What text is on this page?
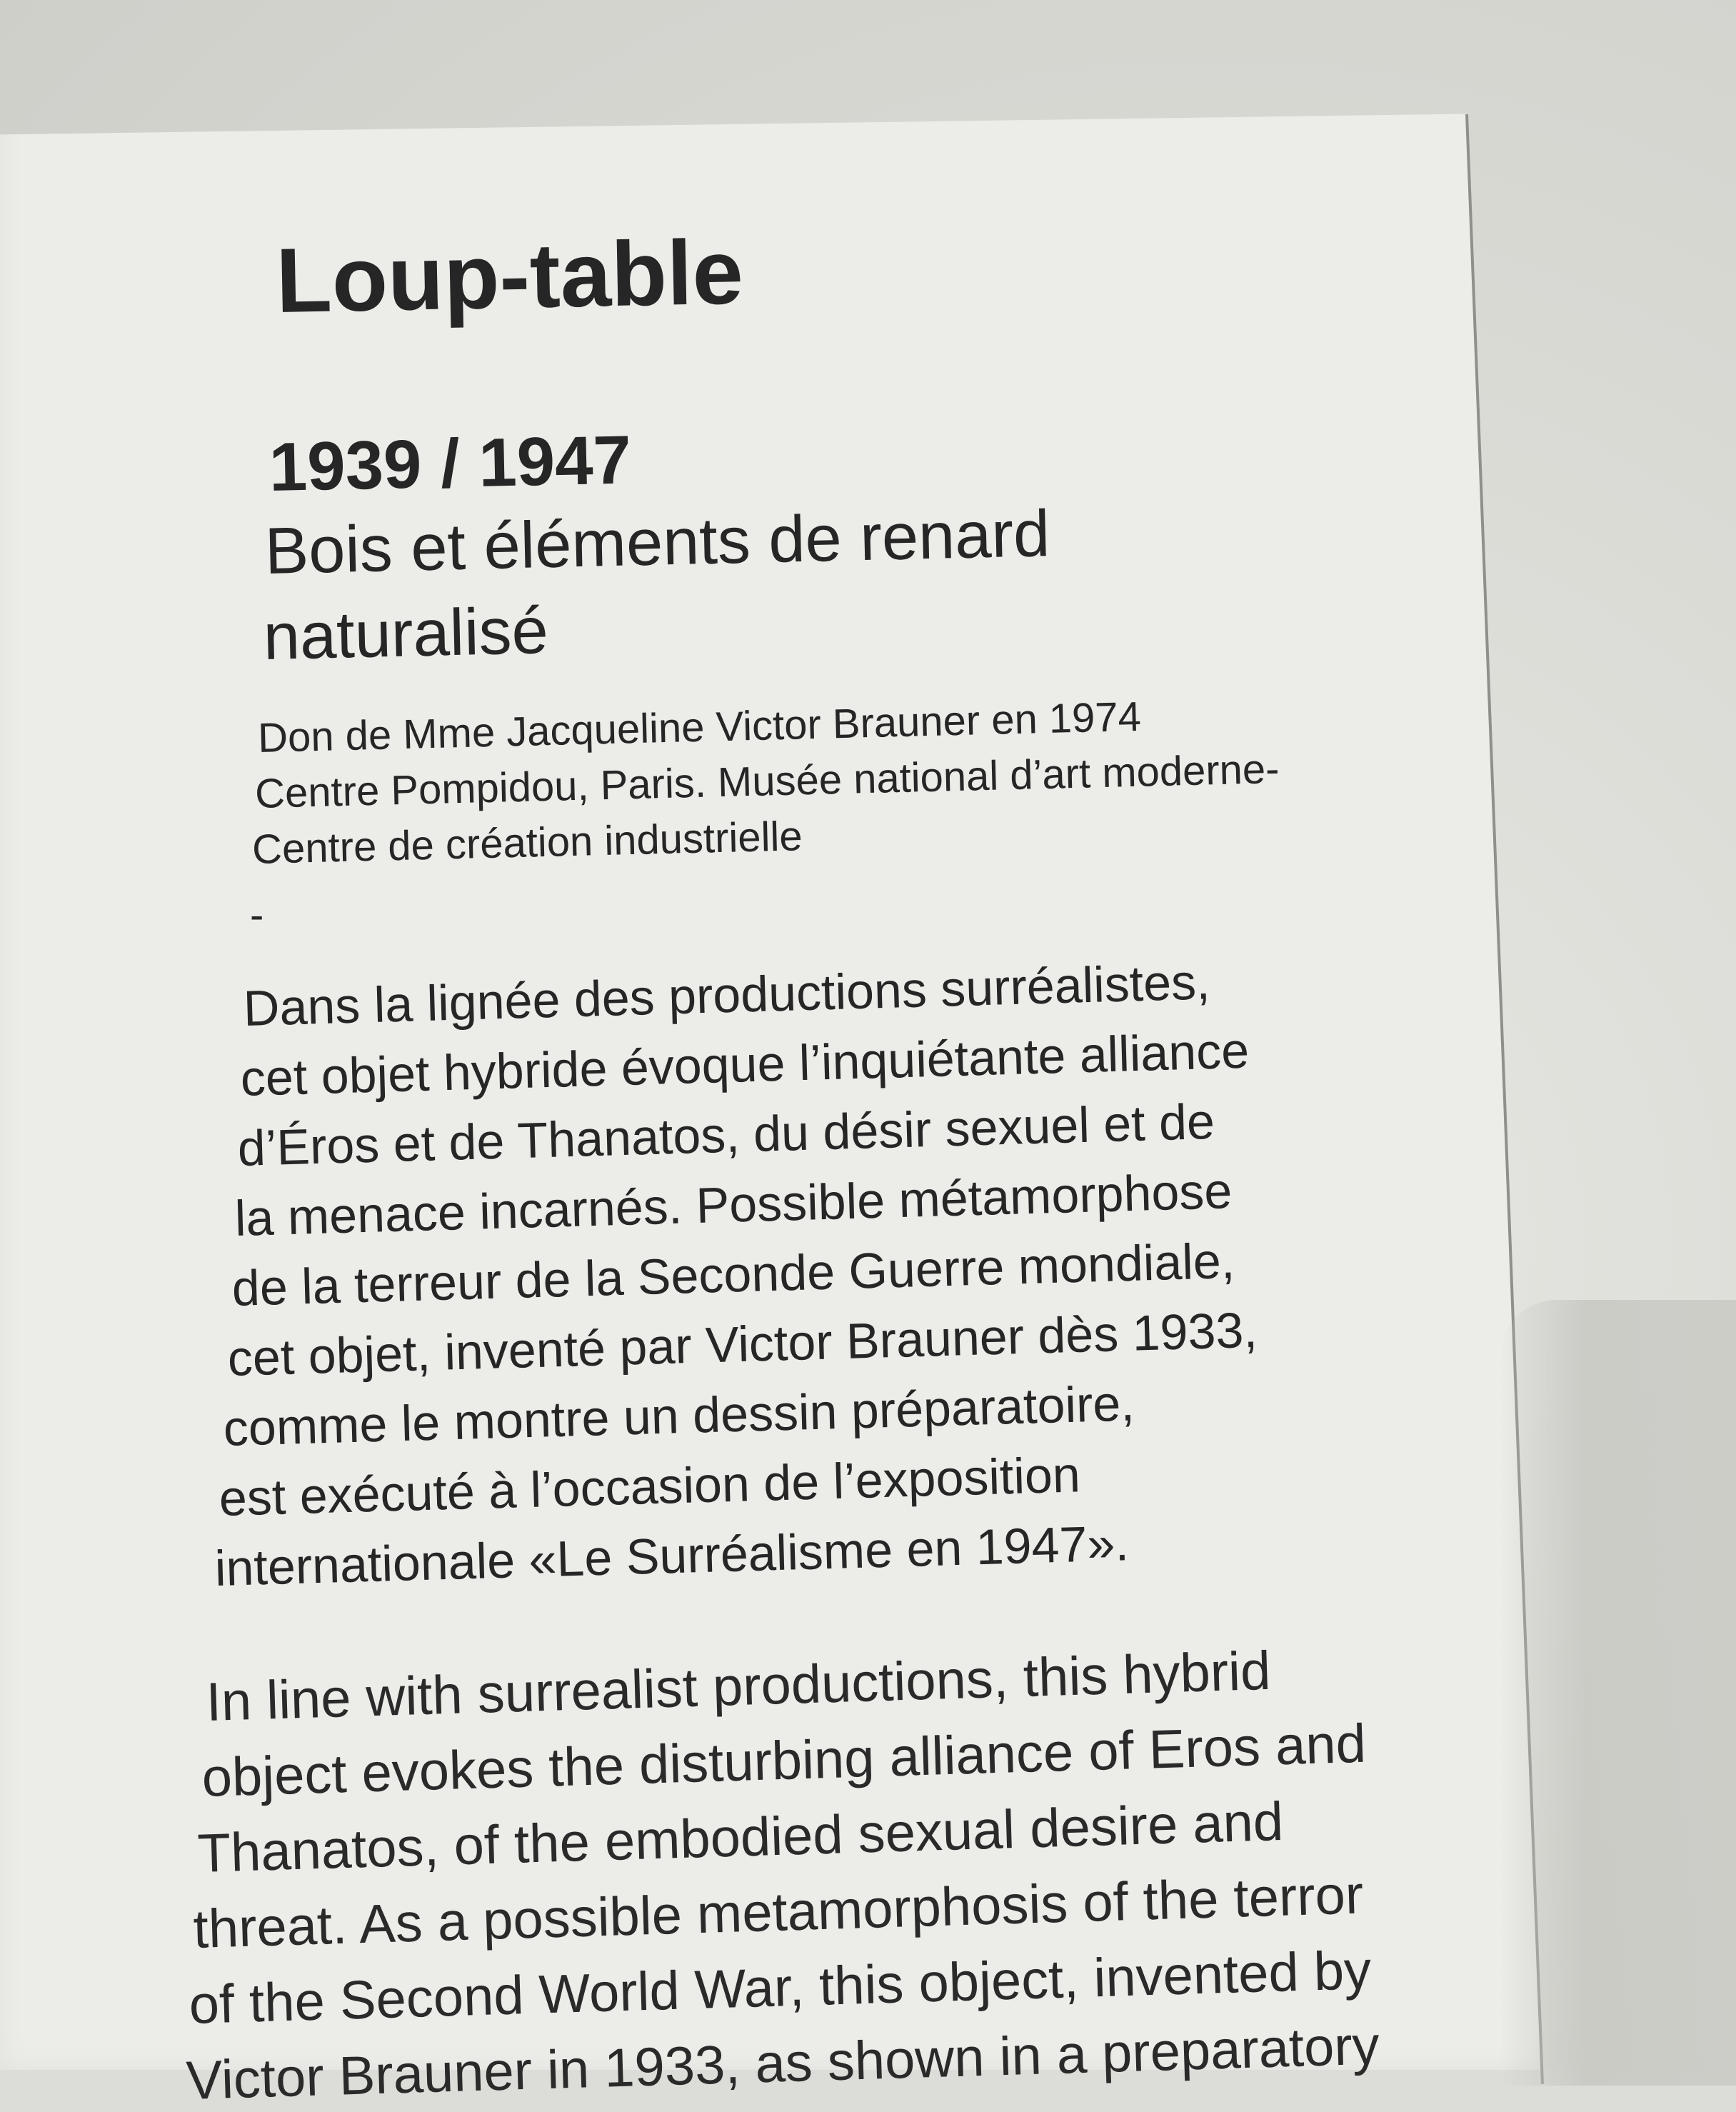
Loup-table
1939 / 1947
Bois et éléments de renard
naturalisé
Don de Mme Jacqueline Victor Brauner en 1974
Centre Pompidou, Paris. Musée national d’art moderne-
Centre de création industrielle
-
Dans la lignée des productions surréalistes,
cet objet hybride évoque l’inquiétante alliance
d’Éros et de Thanatos, du désir sexuel et de
la menace incarnés. Possible métamorphose
de la terreur de la Seconde Guerre mondiale,
cet objet, inventé par Victor Brauner dès 1933,
comme le montre un dessin préparatoire,
est exécuté à l’occasion de l’exposition
internationale «Le Surréalisme en 1947».
In line with surrealist productions, this hybrid
object evokes the disturbing alliance of Eros and
Thanatos, of the embodied sexual desire and
threat. As a possible metamorphosis of the terror
of the Second World War, this object, invented by
Victor Brauner in 1933, as shown in a preparatory
